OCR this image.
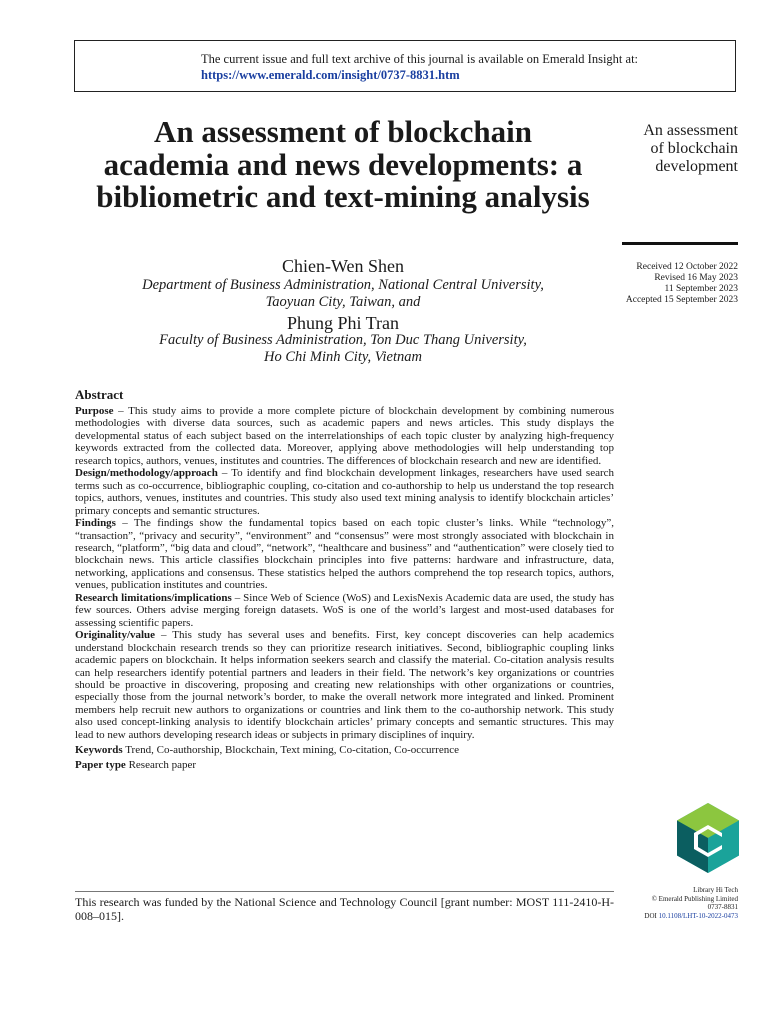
The current issue and full text archive of this journal is available on Emerald Insight at:
https://www.emerald.com/insight/0737-8831.htm
An assessment of blockchain academia and news developments: a bibliometric and text-mining analysis
Chien-Wen Shen
Department of Business Administration, National Central University,
Taoyuan City, Taiwan, and
Phung Phi Tran
Faculty of Business Administration, Ton Duc Thang University,
Ho Chi Minh City, Vietnam
An assessment
of blockchain
development
Received 12 October 2022
Revised 16 May 2023
11 September 2023
Accepted 15 September 2023
Abstract

Purpose – This study aims to provide a more complete picture of blockchain development by combining numerous methodologies with diverse data sources, such as academic papers and news articles. This study displays the developmental status of each subject based on the interrelationships of each topic cluster by analyzing high-frequency keywords extracted from the collected data. Moreover, applying above methodologies will help understanding top research topics, authors, venues, institutes and countries. The differences of blockchain research and new are identified.

Design/methodology/approach – To identify and find blockchain development linkages, researchers have used search terms such as co-occurrence, bibliographic coupling, co-citation and co-authorship to help us understand the top research topics, authors, venues, institutes and countries. This study also used text mining analysis to identify blockchain articles’ primary concepts and semantic structures.

Findings – The findings show the fundamental topics based on each topic cluster’s links. While “technology”, “transaction”, “privacy and security”, “environment” and “consensus” were most strongly associated with blockchain in research, “platform”, “big data and cloud”, “network”, “healthcare and business” and “authentication” were closely tied to blockchain news. This article classifies blockchain principles into five patterns: hardware and infrastructure, data, networking, applications and consensus. These statistics helped the authors comprehend the top research topics, authors, venues, publication institutes and countries.

Research limitations/implications – Since Web of Science (WoS) and LexisNexis Academic data are used, the study has few sources. Others advise merging foreign datasets. WoS is one of the world’s largest and most-used databases for assessing scientific papers.

Originality/value – This study has several uses and benefits. First, key concept discoveries can help academics understand blockchain research trends so they can prioritize research initiatives. Second, bibliographic coupling links academic papers on blockchain. It helps information seekers search and classify the material. Co-citation analysis results can help researchers identify potential partners and leaders in their field. The network’s key organizations or countries should be proactive in discovering, proposing and creating new relationships with other organizations or countries, especially those from the journal network’s border, to make the overall network more integrated and linked. Prominent members help recruit new authors to organizations or countries and link them to the co-authorship network. This study also used concept-linking analysis to identify blockchain articles’ primary concepts and semantic structures. This may lead to new authors developing research ideas or subjects in primary disciplines of inquiry.

Keywords Trend, Co-authorship, Blockchain, Text mining, Co-citation, Co-occurrence

Paper type Research paper

This research was funded by the National Science and Technology Council [grant number: MOST 111-2410-H-008–015].
Library Hi Tech
© Emerald Publishing Limited
0737-8831
DOI 10.1108/LHT-10-2022-0473
